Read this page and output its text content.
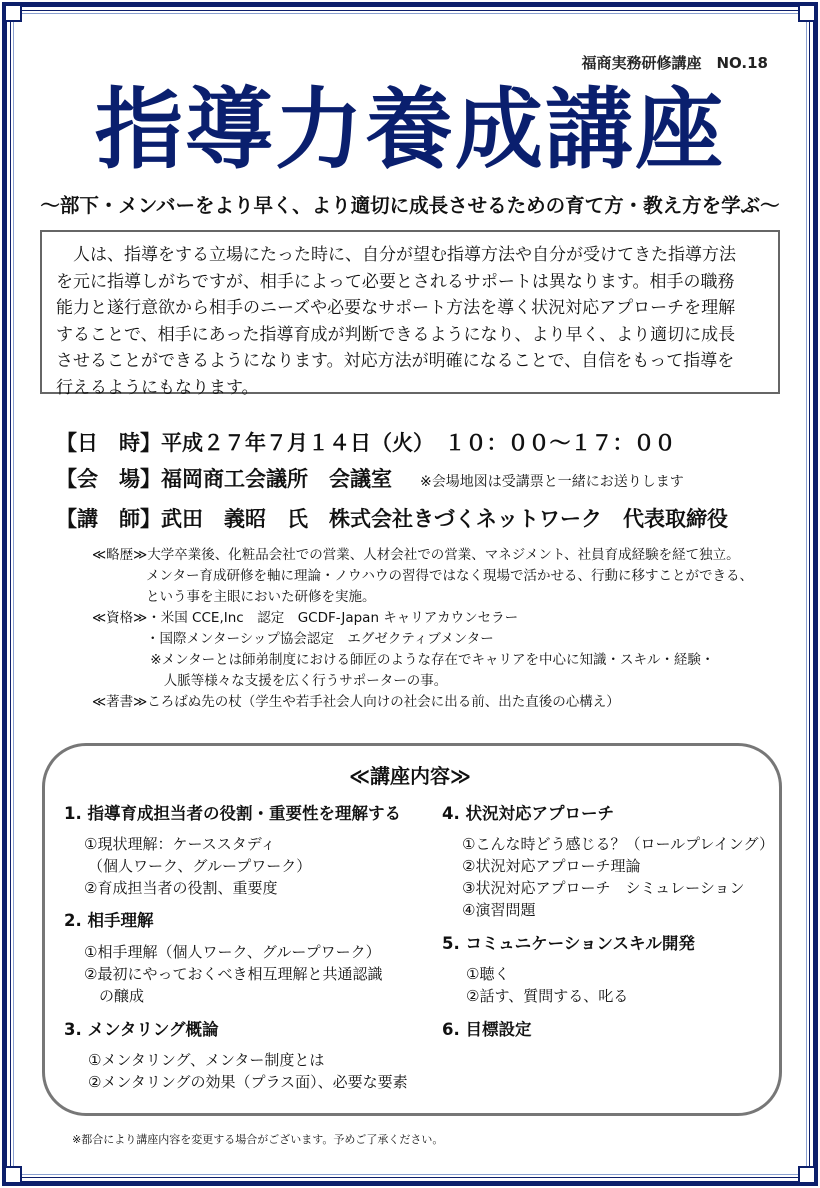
福商実務研修講座　NO.18
指導力養成講座
～部下・メンバーをより早く、より適切に成長させるための育て方・教え方を学ぶ～
　人は、指導をする立場にたった時に、自分が望む指導方法や自分が受けてきた指導方法
を元に指導しがちですが、相手によって必要とされるサポートは異なります。相手の職務
能力と遂行意欲から相手のニーズや必要なサポート方法を導く状況対応アプローチを理解
することで、相手にあった指導育成が判断できるようになり、より早く、より適切に成長
させることができるようになります。対応方法が明確になることで、自信をもって指導を
行えるようにもなります。
【日　時】平成２７年７月１４日（火）　１０：００～１７：００
【会　場】福岡商工会議所　会議室 ※会場地図は受講票と一緒にお送りします
【講　師】武田　義昭　氏　株式会社きづくネットワーク　代表取締役
≪略歴≫大学卒業後、化粧品会社での営業、人材会社での営業、マネジメント、社員育成経験を経て独立。
　　　　メンター育成研修を軸に理論・ノウハウの習得ではなく現場で活かせる、行動に移すことができる、
　　　　という事を主眼においた研修を実施。
≪資格≫・米国 CCE,Inc　認定　GCDF-Japan キャリアカウンセラー
　　　　・国際メンターシップ協会認定　エグゼクティブメンター
　　　　 ※メンターとは師弟制度における師匠のような存在でキャリアを中心に知識・スキル・経験・
　　　　　 人脈等様々な支援を広く行うサポーターの事。
≪著書≫ころばぬ先の杖（学生や若手社会人向けの社会に出る前、出た直後の心構え）
≪講座内容≫
1. 指導育成担当者の役割・重要性を理解する
①現状理解：ケーススタディ
（個人ワーク、グループワーク）
②育成担当者の役割、重要度
2. 相手理解
①相手理解（個人ワーク、グループワーク）
②最初にやっておくべき相互理解と共通認識
　の醸成
3. メンタリング概論
①メンタリング、メンター制度とは
②メンタリングの効果（プラス面）、必要な要素
4. 状況対応アプローチ
①こんな時どう感じる？（ロールプレイング）
②状況対応アプローチ理論
③状況対応アプローチ　シミュレーション
④演習問題
5. コミュニケーションスキル開発
①聴く
②話す、質問する、叱る
6. 目標設定
※都合により講座内容を変更する場合がございます。予めご了承ください。
